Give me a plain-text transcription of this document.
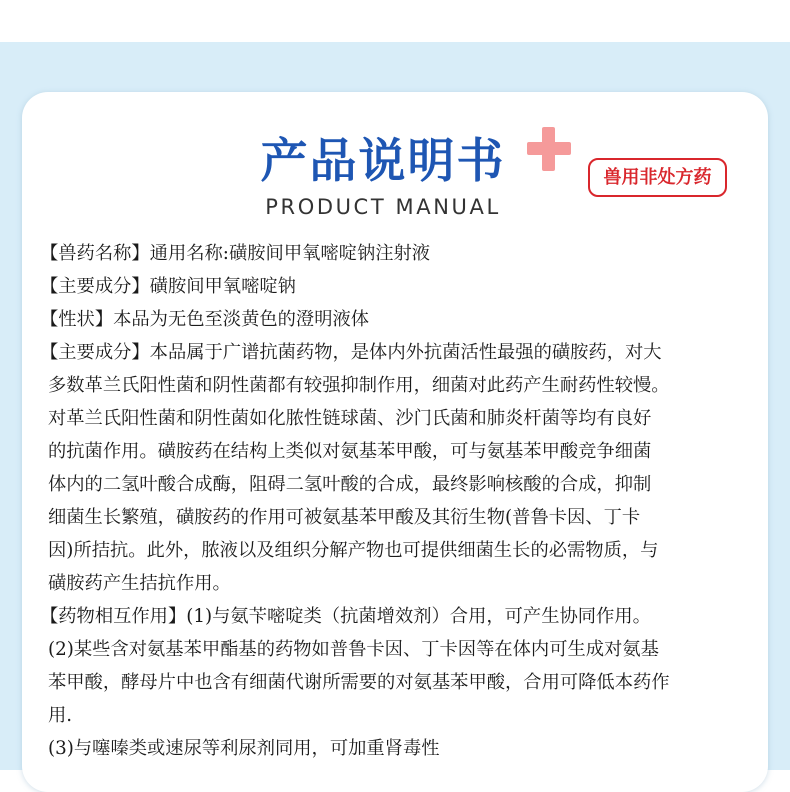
产品说明书
PRODUCT MANUAL
兽用非处方药

【兽药名称】通用名称:磺胺间甲氧嘧啶钠注射液

【主要成分】磺胺间甲氧嘧啶钠

【性状】本品为无色至淡黄色的澄明液体

【主要成分】本品属于广谱抗菌药物，是体内外抗菌活性最强的磺胺药，对大

多数革兰氏阳性菌和阴性菌都有较强抑制作用，细菌对此药产生耐药性较慢。

对革兰氏阳性菌和阴性菌如化脓性链球菌、沙门氏菌和肺炎杆菌等均有良好

的抗菌作用。磺胺药在结构上类似对氨基苯甲酸，可与氨基苯甲酸竞争细菌

体内的二氢叶酸合成酶，阻碍二氢叶酸的合成，最终影响核酸的合成，抑制

细菌生长繁殖，磺胺药的作用可被氨基苯甲酸及其衍生物(普鲁卡因、丁卡

因)所拮抗。此外，脓液以及组织分解产物也可提供细菌生长的必需物质，与

磺胺药产生拮抗作用。

【药物相互作用】(1)与氨苄嘧啶类（抗菌增效剂）合用，可产生协同作用。

(2)某些含对氨基苯甲酯基的药物如普鲁卡因、丁卡因等在体内可生成对氨基

苯甲酸，酵母片中也含有细菌代谢所需要的对氨基苯甲酸，合用可降低本药作

用.

(3)与噻嗪类或速尿等利尿剂同用，可加重肾毒性
